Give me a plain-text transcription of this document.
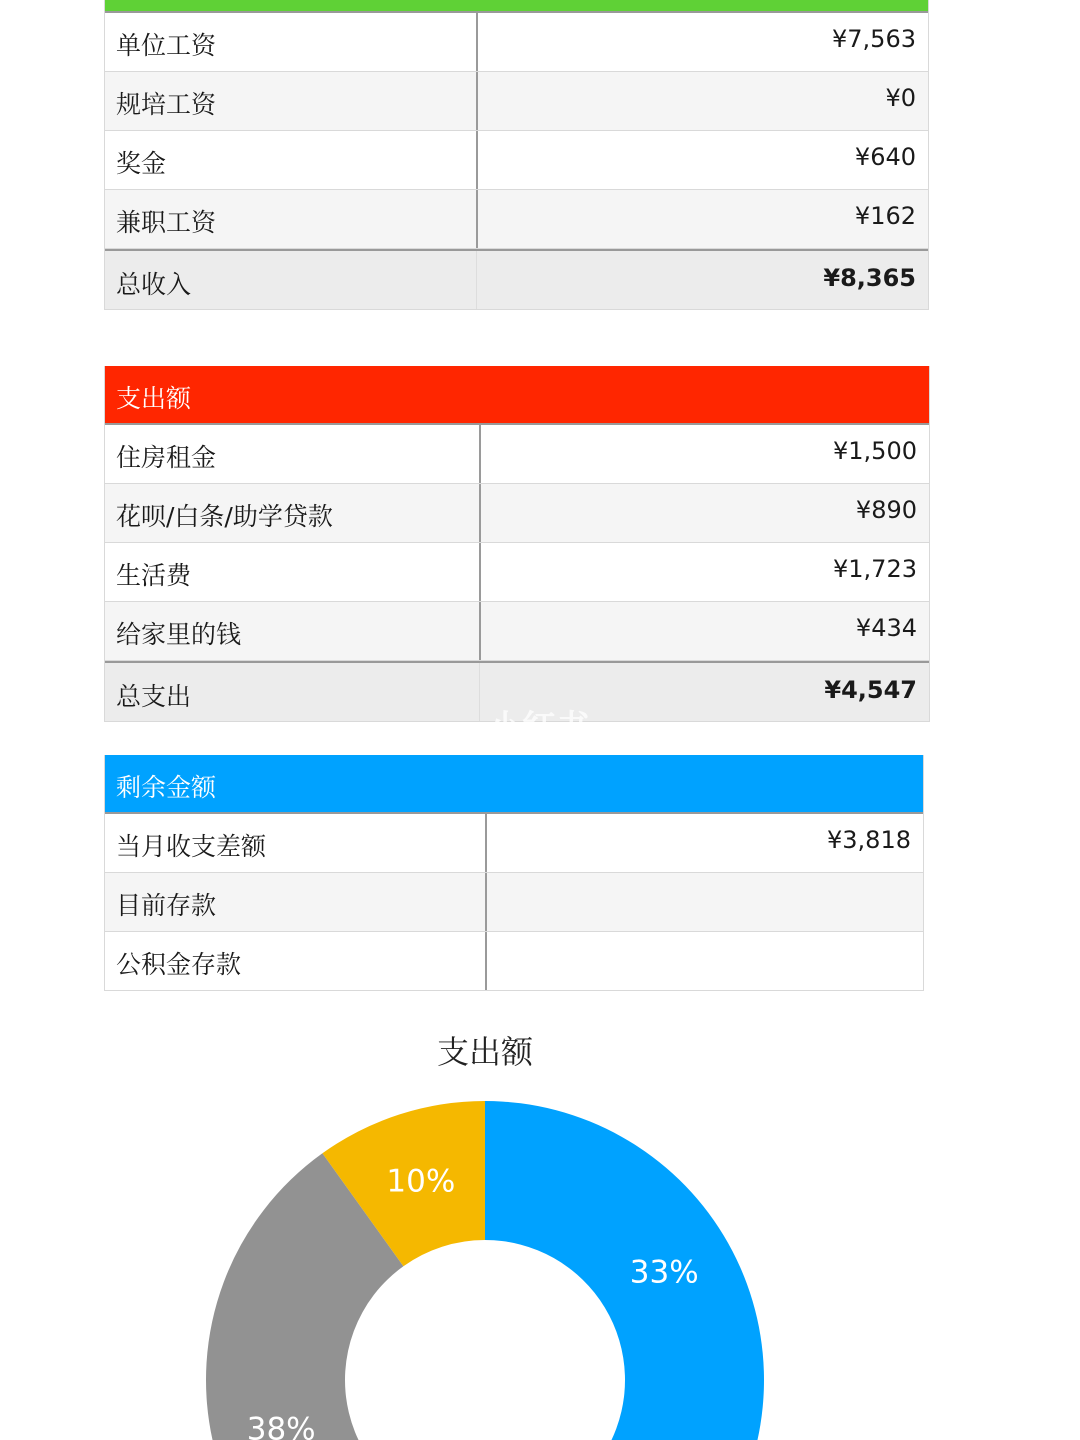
单位工资	¥7,563
规培工资	¥0
奖金	¥640
兼职工资	¥162
总收入	¥8,365
支出额
住房租金	¥1,500
花呗/白条/助学贷款	¥890
生活费	¥1,723
给家里的钱	¥434
总支出	¥4,547
剩余金额
当月收支差额	¥3,818
目前存款
公积金存款
小红书
支出额
33%
38%
10%
